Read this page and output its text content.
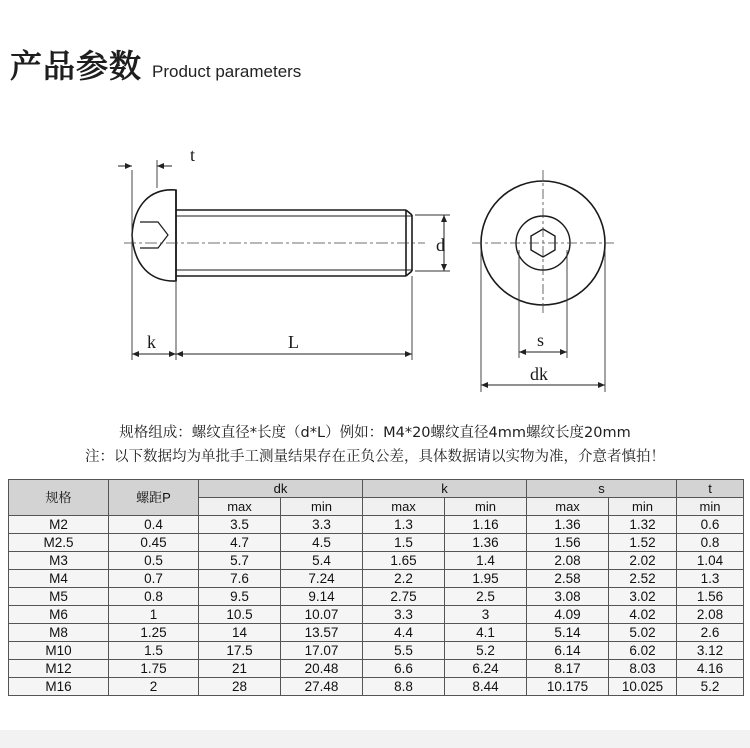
产品参数 Product parameters
t
k	L
d
s
dk
规格组成：螺纹直径*长度（d*L）例如：M4*20螺纹直径4mm螺纹长度20mm
注：以下数据均为单批手工测量结果存在正负公差，具体数据请以实物为准，介意者慎拍！
规格	螺距P	dk		k		s		t
		max	min	max	min	max	min	min
M2	0.4	3.5	3.3	1.3	1.16	1.36	1.32	0.6
M2.5	0.45	4.7	4.5	1.5	1.36	1.56	1.52	0.8
M3	0.5	5.7	5.4	1.65	1.4	2.08	2.02	1.04
M4	0.7	7.6	7.24	2.2	1.95	2.58	2.52	1.3
M5	0.8	9.5	9.14	2.75	2.5	3.08	3.02	1.56
M6	1	10.5	10.07	3.3	3	4.09	4.02	2.08
M8	1.25	14	13.57	4.4	4.1	5.14	5.02	2.6
M10	1.5	17.5	17.07	5.5	5.2	6.14	6.02	3.12
M12	1.75	21	20.48	6.6	6.24	8.17	8.03	4.16
M16	2	28	27.48	8.8	8.44	10.175	10.025	5.2
